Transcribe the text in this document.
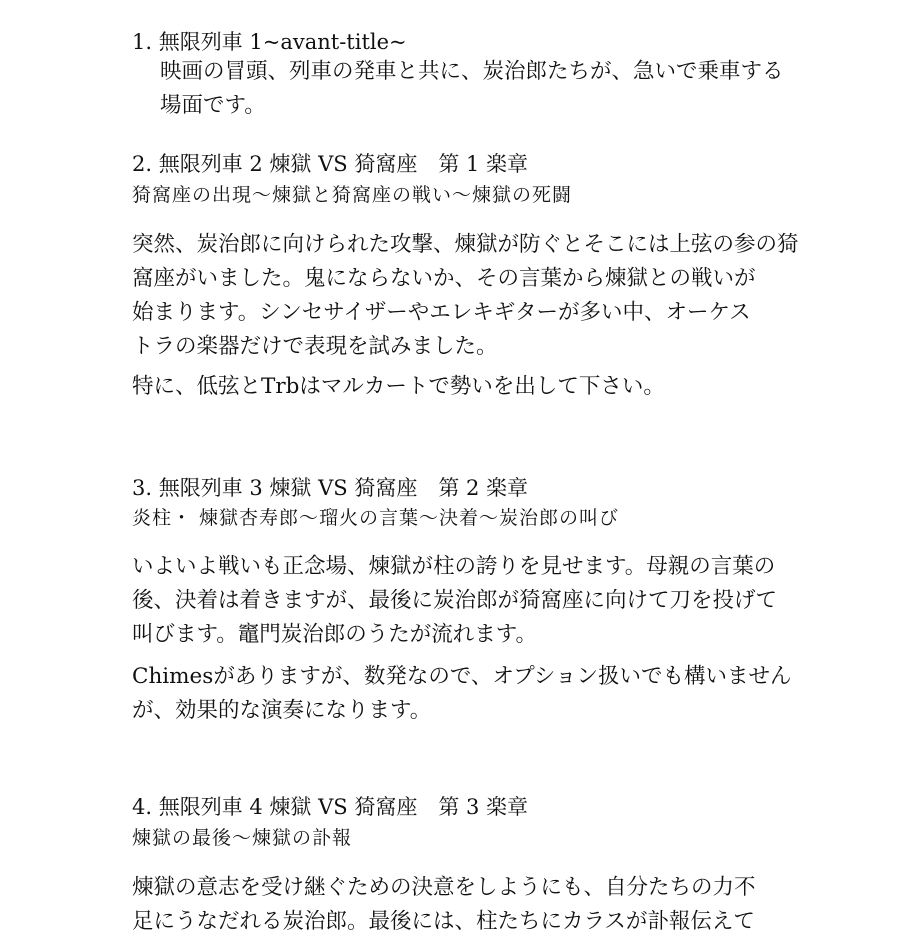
1. 無限列車 1~avant-title~
映画の冒頭、列車の発車と共に、炭治郎たちが、急いで乗車する
場面です。
2. 無限列車 2 煉獄 VS 猗窩座　第 1 楽章
猗窩座の出現〜煉獄と猗窩座の戦い〜煉獄の死闘
突然、炭治郎に向けられた攻撃、煉獄が防ぐとそこには上弦の参の猗
窩座がいました。鬼にならないか、その言葉から煉獄との戦いが
始まります。シンセサイザーやエレキギターが多い中、オーケス
トラの楽器だけで表現を試みました。
特に、低弦とTrbはマルカートで勢いを出して下さい。
3. 無限列車 3 煉獄 VS 猗窩座　第 2 楽章
炎柱・ 煉獄杏寿郎〜瑠火の言葉〜決着〜炭治郎の叫び
いよいよ戦いも正念場、煉獄が柱の誇りを見せます。母親の言葉の
後、決着は着きますが、最後に炭治郎が猗窩座に向けて刀を投げて
叫びます。竈門炭治郎のうたが流れます。
Chimesがありますが、数発なので、オプション扱いでも構いません
が、効果的な演奏になります。
4. 無限列車 4 煉獄 VS 猗窩座　第 3 楽章
煉獄の最後〜煉獄の訃報
煉獄の意志を受け継ぐための決意をしようにも、自分たちの力不
足にうなだれる炭治郎。最後には、柱たちにカラスが訃報伝えて
